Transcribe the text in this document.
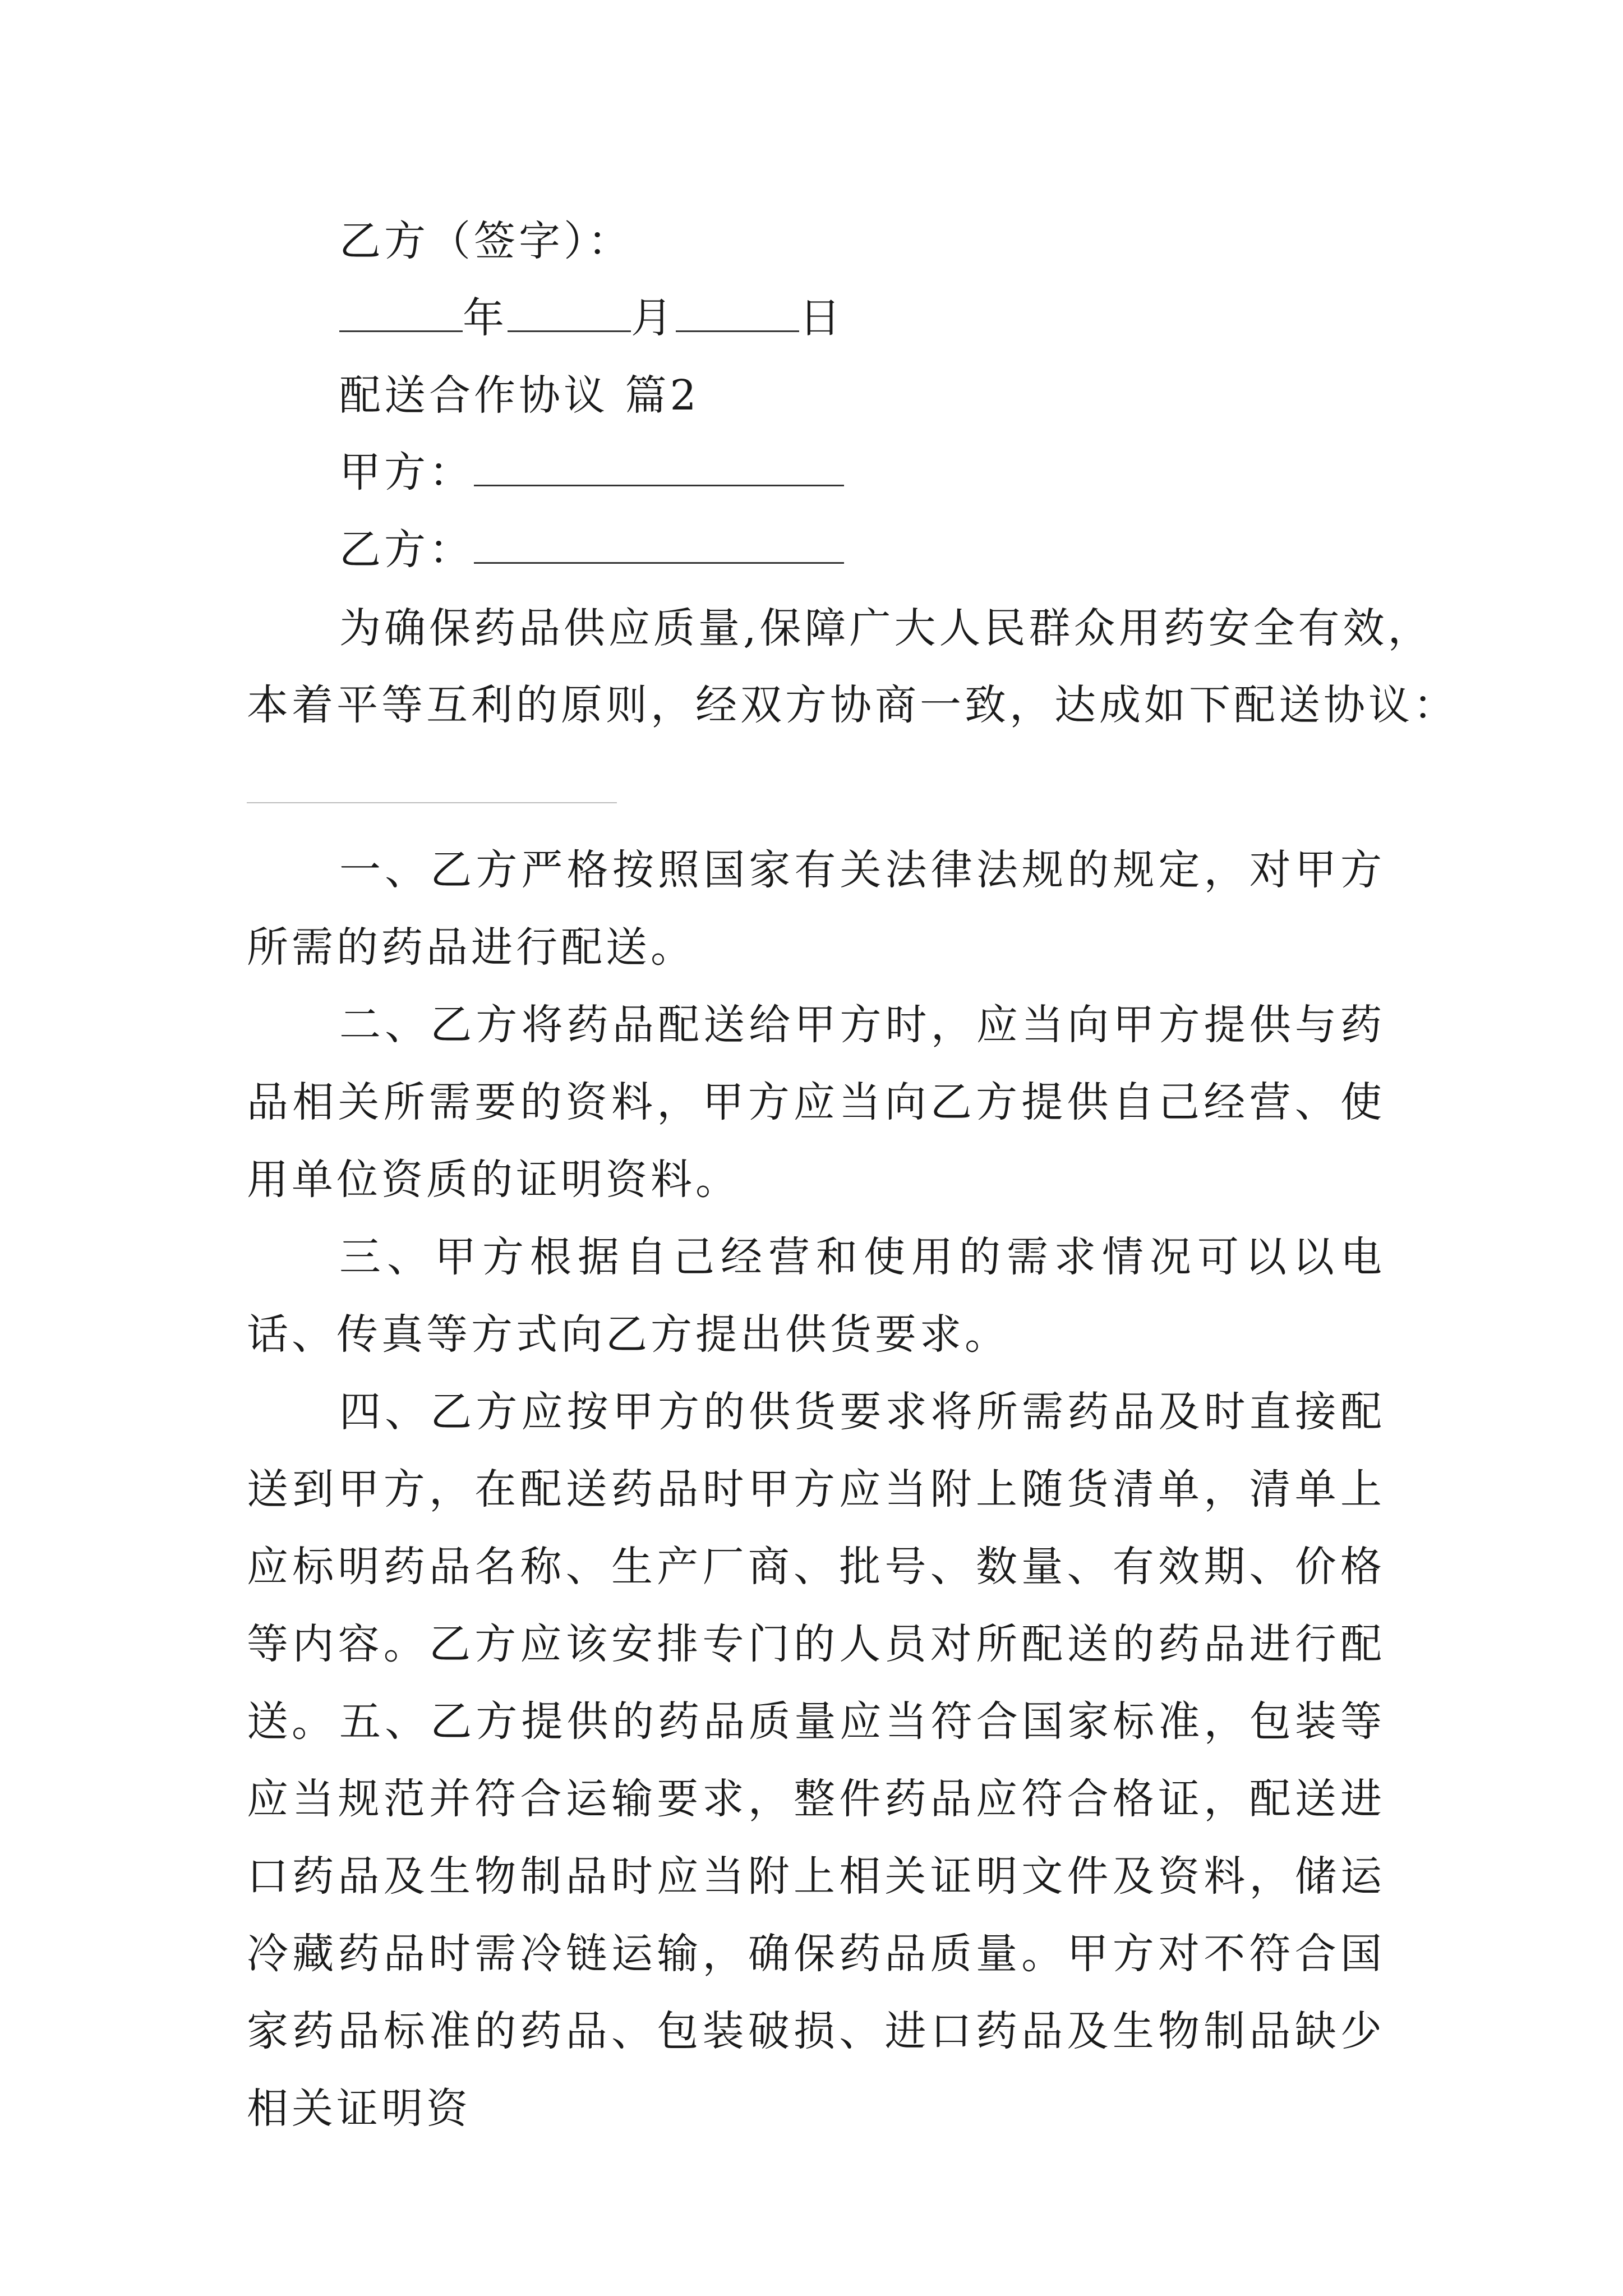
乙方（签字）：
年	月	日
配送合作协议 篇2
甲方：
乙方：
为确保药品供应质量,保障广大人民群众用药安全有效，
本着平等互利的原则，经双方协商一致，达成如下配送协议：
一、乙方严格按照国家有关法律法规的规定，对甲方所需的药品进行配送。
二、乙方将药品配送给甲方时，应当向甲方提供与药品相关所需要的资料，甲方应当向乙方提供自己经营、使用单位资质的证明资料。
三、甲方根据自己经营和使用的需求情况可以以电话、传真等方式向乙方提出供货要求。
四、乙方应按甲方的供货要求将所需药品及时直接配送到甲方，在配送药品时甲方应当附上随货清单，清单上应标明药品名称、生产厂商、批号、数量、有效期、价格等内容。乙方应该安排专门的人员对所配送的药品进行配送。 五、乙方提供的药品质量应当符合国家标准，包装等应当规范并符合运输要求，整件药品应符合格证，配送进口药品及生物制品时应当附上相关证明文件及资料，储运冷藏药品时需冷链运输，确保药品质量。甲方对不符合国家药品标准的药品、包装破损、进口药品及生物制品缺少相关证明资
